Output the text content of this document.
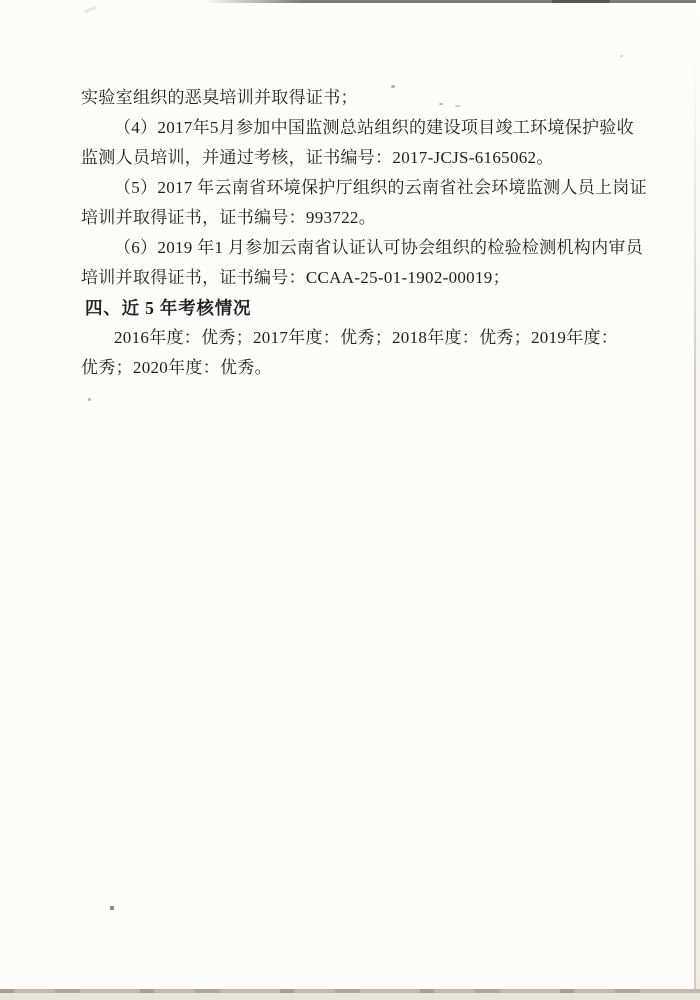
实验室组织的恶臭培训并取得证书；
（4）2017年5月参加中国监测总站组织的建设项目竣工环境保护验收
监测人员培训，并通过考核，证书编号：2017-JCJS-6165062。
（5）2017 年云南省环境保护厅组织的云南省社会环境监测人员上岗证
培训并取得证书，证书编号：993722。
（6）2019 年1 月参加云南省认证认可协会组织的检验检测机构内审员
培训并取得证书，证书编号：CCAA-25-01-1902-00019；
四、近 5 年考核情况
2016年度：优秀；2017年度：优秀；2018年度：优秀；2019年度：
优秀；2020年度：优秀。
